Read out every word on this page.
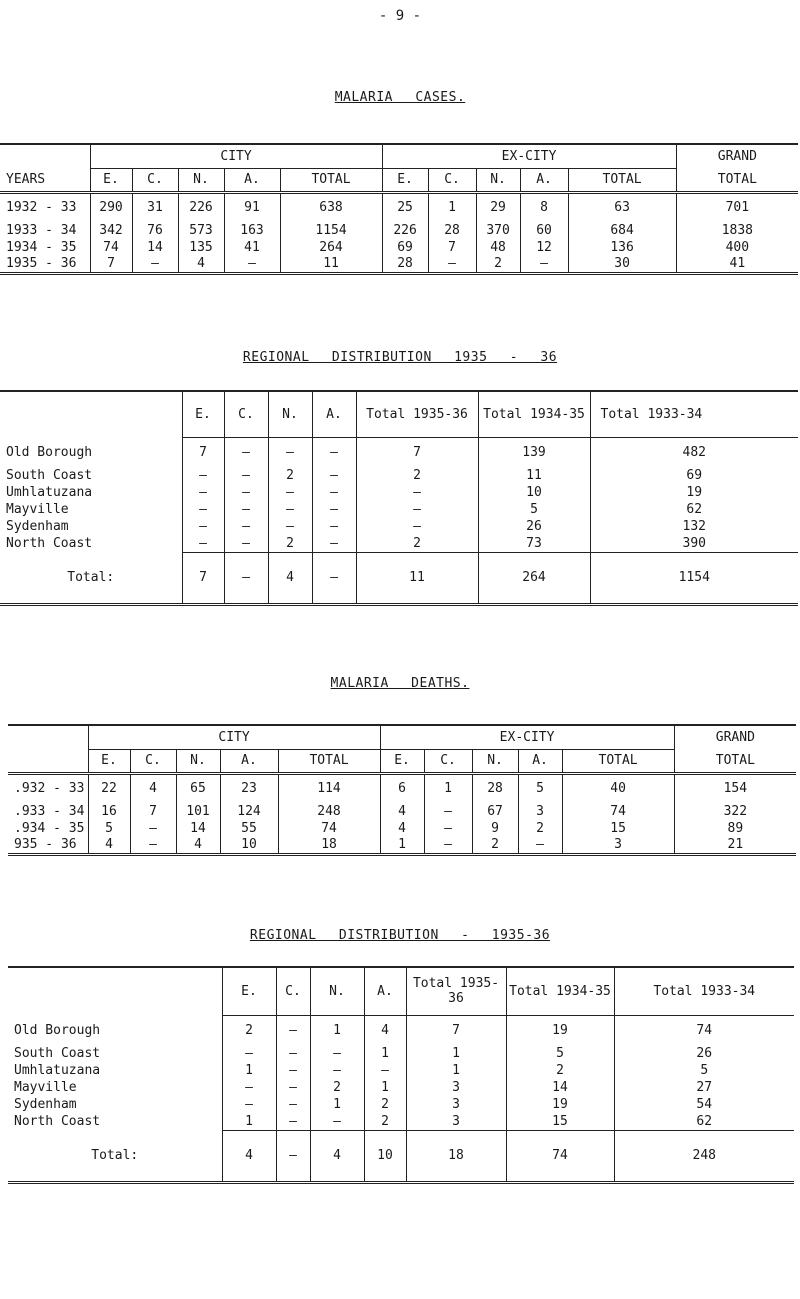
- 9 -
MALARIA CASES.
	CITY					EX-CITY					GRAND
YEARS	E.	C.	N.	A.	TOTAL	E.	C.	N.	A.	TOTAL	TOTAL
1932 - 33	290	31	226	91	638	25	1	29	8	63	701
1933 - 34	342	76	573	163	1154	226	28	370	60	684	1838
1934 - 35	74	14	135	41	264	69	7	48	12	136	400
1935 - 36	7	–	4	–	11	28	–	2	–	30	41
REGIONAL DISTRIBUTION 1935 - 36
	E.	C.	N.	A.	Total 1935-36	Total 1934-35	Total 1933-34
Old Borough	7	–	–	–	7	139	482
South Coast	–	–	2	–	2	11	69
Umhlatuzana	–	–	–	–	–	10	19
Mayville	–	–	–	–	–	5	62
Sydenham	–	–	–	–	–	26	132
North Coast	–	–	2	–	2	73	390
Total:	7	–	4	–	11	264	1154
MALARIA DEATHS.
	CITY					EX-CITY					GRAND
	E.	C.	N.	A.	TOTAL	E.	C.	N.	A.	TOTAL	TOTAL
.932 - 33	22	4	65	23	114	6	1	28	5	40	154
.933 - 34	16	7	101	124	248	4	–	67	3	74	322
.934 - 35	5	–	14	55	74	4	–	9	2	15	89
935 - 36	4	–	4	10	18	1	–	2	–	3	21
REGIONAL DISTRIBUTION - 1935-36
	E.	C.	N.	A.	Total 1935-36	Total 1934-35	Total 1933-34
Old Borough	2	–	1	4	7	19	74
South Coast	–	–	–	1	1	5	26
Umhlatuzana	1	–	–	–	1	2	5
Mayville	–	–	2	1	3	14	27
Sydenham	–	–	1	2	3	19	54
North Coast	1	–	–	2	3	15	62
Total:	4	–	4	10	18	74	248
